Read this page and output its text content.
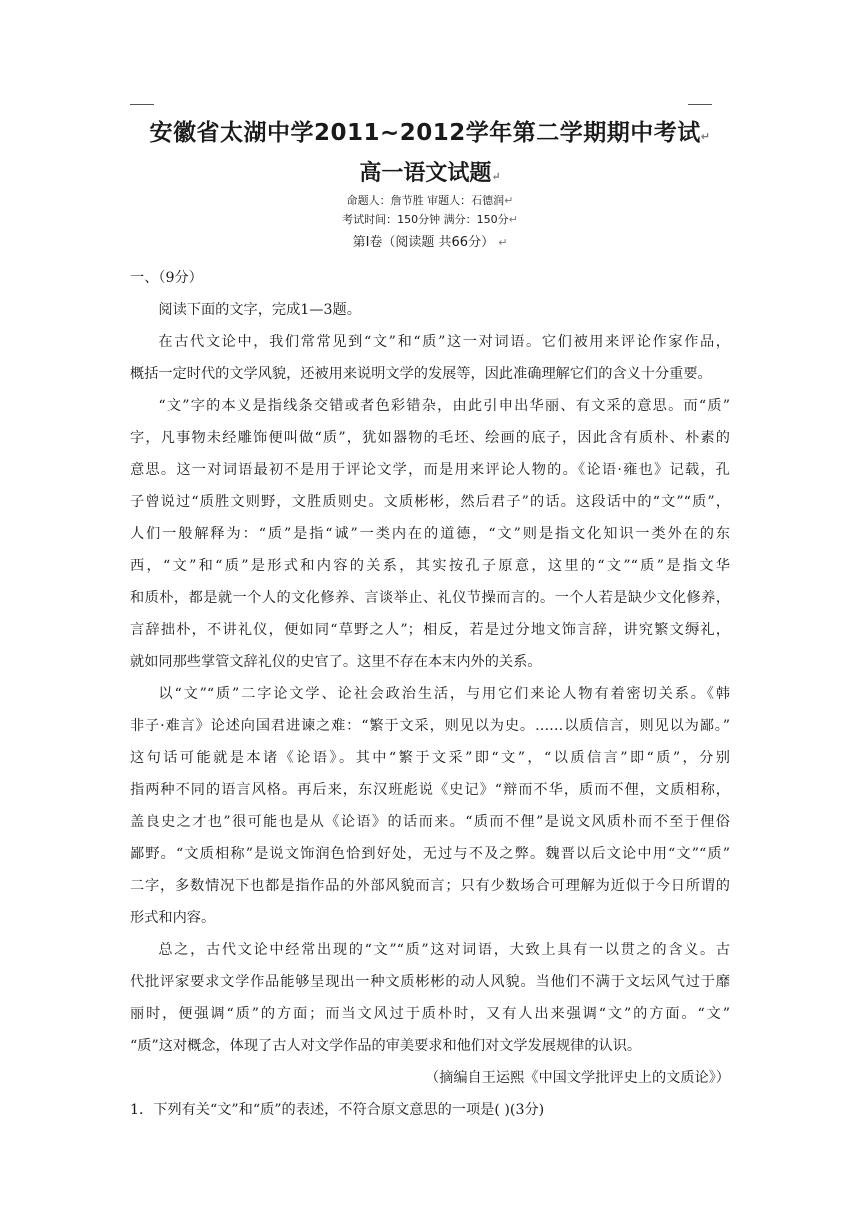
安徽省太湖中学2011~2012学年第二学期期中考试↵
高一语文试题↵
命题人：詹节胜 审题人：石德润↵
考试时间：150分钟 满分：150分↵
第Ⅰ卷（阅读题 共66分） ↵

一、（9分）

阅读下面的文字，完成1—3题。

在古代文论中，我们常常见到“文”和“质”这一对词语。它们被用来评论作家作品，
概括一定时代的文学风貌，还被用来说明文学的发展等，因此准确理解它们的含义十分重要。
“文”字的本义是指线条交错或者色彩错杂，由此引申出华丽、有文采的意思。而“质”
字，凡事物未经雕饰便叫做“质”，犹如器物的毛坯、绘画的底子，因此含有质朴、朴素的
意思。这一对词语最初不是用于评论文学，而是用来评论人物的。《论语·雍也》记载，孔
子曾说过“质胜文则野，文胜质则史。文质彬彬，然后君子”的话。这段话中的“文”“质”，
人们一般解释为：“质”是指“诚”一类内在的道德，“文”则是指文化知识一类外在的东
西，“文”和“质”是形式和内容的关系，其实按孔子原意，这里的“文”“质”是指文华
和质朴，都是就一个人的文化修养、言谈举止、礼仪节操而言的。一个人若是缺少文化修养，
言辞拙朴，不讲礼仪，便如同“草野之人”；相反，若是过分地文饰言辞，讲究繁文缛礼，
就如同那些掌管文辞礼仪的史官了。这里不存在本末内外的关系。
以“文”“质”二字论文学、论社会政治生活，与用它们来论人物有着密切关系。《韩
非子·难言》论述向国君进谏之难：“繁于文采，则见以为史。……以质信言，则见以为鄙。”
这句话可能就是本诸《论语》。其中“繁于文采”即“文”，“以质信言”即“质”，分别
指两种不同的语言风格。再后来，东汉班彪说《史记》“辩而不华，质而不俚，文质相称，
盖良史之才也”很可能也是从《论语》的话而来。“质而不俚”是说文风质朴而不至于俚俗
鄙野。“文质相称”是说文饰润色恰到好处，无过与不及之弊。魏晋以后文论中用“文”“质”
二字，多数情况下也都是指作品的外部风貌而言；只有少数场合可理解为近似于今日所谓的
形式和内容。
总之，古代文论中经常出现的“文”“质”这对词语，大致上具有一以贯之的含义。古
代批评家要求文学作品能够呈现出一种文质彬彬的动人风貌。当他们不满于文坛风气过于靡
丽时，便强调“质”的方面；而当文风过于质朴时，又有人出来强调“文”的方面。“文”
“质”这对概念，体现了古人对文学作品的审美要求和他们对文学发展规律的认识。

（摘编自王运熙《中国文学批评史上的文质论》）

1．下列有关“文”和“质”的表述，不符合原文意思的一项是( )(3分)
